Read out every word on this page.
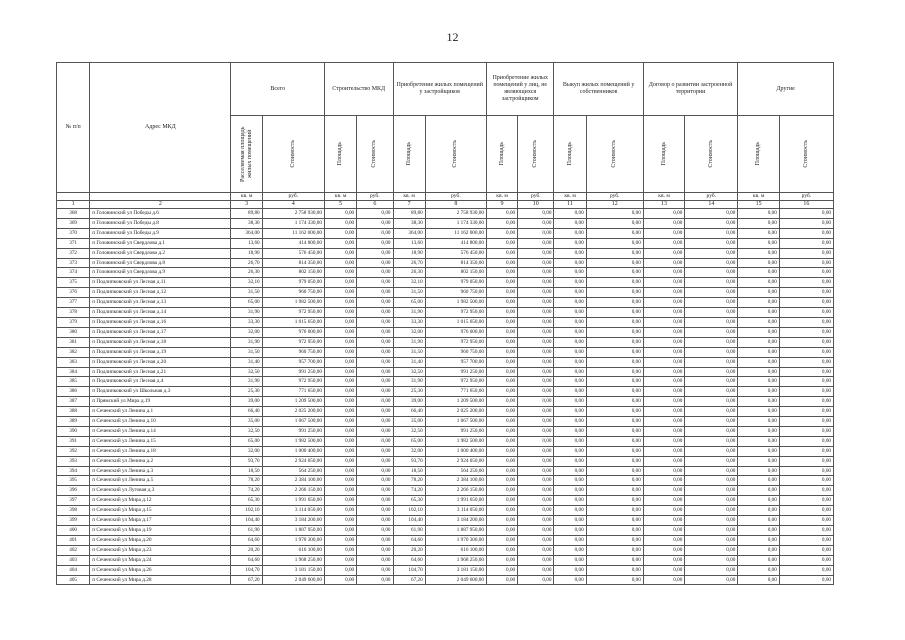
12
№ п/п	Адрес МКД	Всего		Строительство МКД		Приобретение жилых помещений у застройщиков		Приобретение жилых помещений у лиц, не являющихся застройщиком		Выкуп жилых помещений у собственников		Договор о развитии застроенной территории		Другие	

		Расселяемая площадь жилых помещений	Стоимость	Площадь	Стоимость	Площадь	Стоимость	Площадь	Стоимость	Площадь	Стоимость	Площадь	Стоимость	Площадь	Стоимость

		кв. м	руб.	кв. м	руб.	кв. м	руб.	кв. м	руб.	кв. м	руб.	кв. м	руб.	кв. м	руб.
1	2	3	4	5	6	7	8	9	10	11	12	13	14	15	16
368	п Головинский ул Победы д.6	89,80	2 758 930,00	0,00	0,00	89,80	2 758 930,00	0,00	0,00	0,00	0,00	0,00	0,00	0,00	0,00
369	п Головинский ул Победы д.8	38,30	1 174 330,00	0,00	0,00	38,30	1 174 330,00	0,00	0,00	0,00	0,00	0,00	0,00	0,00	0,00
370	п Головинский ул Победы д.9	364,00	11 162 000,00	0,00	0,00	364,00	11 162 000,00	0,00	0,00	0,00	0,00	0,00	0,00	0,00	0,00
371	п Головинский ул Свердлова д.1	13,60	414 800,00	0,00	0,00	13,60	414 800,00	0,00	0,00	0,00	0,00	0,00	0,00	0,00	0,00
372	п Головинский ул Свердлова д.2	18,90	576 450,00	0,00	0,00	18,90	576 450,00	0,00	0,00	0,00	0,00	0,00	0,00	0,00	0,00
373	п Головинский ул Свердлова д.8	26,70	814 350,00	0,00	0,00	26,70	814 350,00	0,00	0,00	0,00	0,00	0,00	0,00	0,00	0,00
374	п Головинский ул Свердлова д.9	26,30	802 150,00	0,00	0,00	26,30	802 150,00	0,00	0,00	0,00	0,00	0,00	0,00	0,00	0,00
375	п Подлипковский ул Лесная д.11	32,10	979 050,00	0,00	0,00	32,10	979 050,00	0,00	0,00	0,00	0,00	0,00	0,00	0,00	0,00
376	п Подлипковский ул Лесная д.12	31,50	960 750,00	0,00	0,00	31,50	960 750,00	0,00	0,00	0,00	0,00	0,00	0,00	0,00	0,00
377	п Подлипковский ул Лесная д.13	65,00	1 982 500,00	0,00	0,00	65,00	1 982 500,00	0,00	0,00	0,00	0,00	0,00	0,00	0,00	0,00
378	п Подлипковский ул Лесная д.14	31,90	972 950,00	0,00	0,00	31,90	972 950,00	0,00	0,00	0,00	0,00	0,00	0,00	0,00	0,00
379	п Подлипковский ул Лесная д.16	33,30	1 015 650,00	0,00	0,00	33,30	1 015 650,00	0,00	0,00	0,00	0,00	0,00	0,00	0,00	0,00
380	п Подлипковский ул Лесная д.17	32,00	976 000,00	0,00	0,00	32,00	976 000,00	0,00	0,00	0,00	0,00	0,00	0,00	0,00	0,00
381	п Подлипковский ул Лесная д.18	31,90	972 950,00	0,00	0,00	31,90	972 950,00	0,00	0,00	0,00	0,00	0,00	0,00	0,00	0,00
382	п Подлипковский ул Лесная д.19	31,50	960 750,00	0,00	0,00	31,50	960 750,00	0,00	0,00	0,00	0,00	0,00	0,00	0,00	0,00
383	п Подлипковский ул Лесная д.20	31,40	957 700,00	0,00	0,00	31,40	957 700,00	0,00	0,00	0,00	0,00	0,00	0,00	0,00	0,00
384	п Подлипковский ул Лесная д.21	32,50	991 250,00	0,00	0,00	32,50	991 250,00	0,00	0,00	0,00	0,00	0,00	0,00	0,00	0,00
385	п Подлипковский ул Лесная д.4	31,90	972 950,00	0,00	0,00	31,90	972 950,00	0,00	0,00	0,00	0,00	0,00	0,00	0,00	0,00
386	п Подлипковский ул Школьная д.3	25,30	771 650,00	0,00	0,00	25,30	771 650,00	0,00	0,00	0,00	0,00	0,00	0,00	0,00	0,00
387	п Прямский ул Мира д.19	39,00	1 209 500,00	0,00	0,00	39,00	1 209 500,00	0,00	0,00	0,00	0,00	0,00	0,00	0,00	0,00
388	п Сеченский ул Ленина д.1	66,40	2 025 200,00	0,00	0,00	66,40	2 025 200,00	0,00	0,00	0,00	0,00	0,00	0,00	0,00	0,00
389	п Сеченский ул Ленина д.10	35,00	1 067 500,00	0,00	0,00	35,00	1 067 500,00	0,00	0,00	0,00	0,00	0,00	0,00	0,00	0,00
390	п Сеченский ул Ленина д.14	32,50	991 250,00	0,00	0,00	32,50	991 250,00	0,00	0,00	0,00	0,00	0,00	0,00	0,00	0,00
391	п Сеченский ул Ленина д.15	65,00	1 982 500,00	0,00	0,00	65,00	1 982 500,00	0,00	0,00	0,00	0,00	0,00	0,00	0,00	0,00
392	п Сеченский ул Ленина д.18	32,00	1 000 400,00	0,00	0,00	32,00	1 000 400,00	0,00	0,00	0,00	0,00	0,00	0,00	0,00	0,00
393	п Сеченский ул Ленина д.2	93,70	2 924 050,00	0,00	0,00	93,70	2 924 050,00	0,00	0,00	0,00	0,00	0,00	0,00	0,00	0,00
394	п Сеченский ул Ленина д.3	18,50	564 250,00	0,00	0,00	18,50	564 250,00	0,00	0,00	0,00	0,00	0,00	0,00	0,00	0,00
395	п Сеченский ул Ленина д.5	78,20	2 384 100,00	0,00	0,00	78,20	2 384 100,00	0,00	0,00	0,00	0,00	0,00	0,00	0,00	0,00
396	п Сеченский ул Луговая д.3	74,20	2 266 150,00	0,00	0,00	74,20	2 266 150,00	0,00	0,00	0,00	0,00	0,00	0,00	0,00	0,00
397	п Сеченский ул Мира д.12	65,30	1 991 650,00	0,00	0,00	65,30	1 991 650,00	0,00	0,00	0,00	0,00	0,00	0,00	0,00	0,00
398	п Сеченский ул Мира д.15	102,10	3 114 050,00	0,00	0,00	102,10	3 114 050,00	0,00	0,00	0,00	0,00	0,00	0,00	0,00	0,00
399	п Сеченский ул Мира д.17	104,40	3 184 200,00	0,00	0,00	104,40	3 184 200,00	0,00	0,00	0,00	0,00	0,00	0,00	0,00	0,00
400	п Сеченский ул Мира д.19	61,90	1 887 950,00	0,00	0,00	61,90	1 887 950,00	0,00	0,00	0,00	0,00	0,00	0,00	0,00	0,00
401	п Сеченский ул Мира д.20	64,60	1 970 300,00	0,00	0,00	64,60	1 970 300,00	0,00	0,00	0,00	0,00	0,00	0,00	0,00	0,00
402	п Сеченский ул Мира д.23	20,20	616 100,00	0,00	0,00	20,20	616 100,00	0,00	0,00	0,00	0,00	0,00	0,00	0,00	0,00
403	п Сеченский ул Мира д.24	64,60	1 968 250,00	0,00	0,00	64,60	1 968 250,00	0,00	0,00	0,00	0,00	0,00	0,00	0,00	0,00
404	п Сеченский ул Мира д.26	104,70	3 181 150,00	0,00	0,00	104,70	3 181 150,00	0,00	0,00	0,00	0,00	0,00	0,00	0,00	0,00
405	п Сеченский ул Мира д.28	67,20	2 049 600,00	0,00	0,00	67,20	2 049 600,00	0,00	0,00	0,00	0,00	0,00	0,00	0,00	0,00
